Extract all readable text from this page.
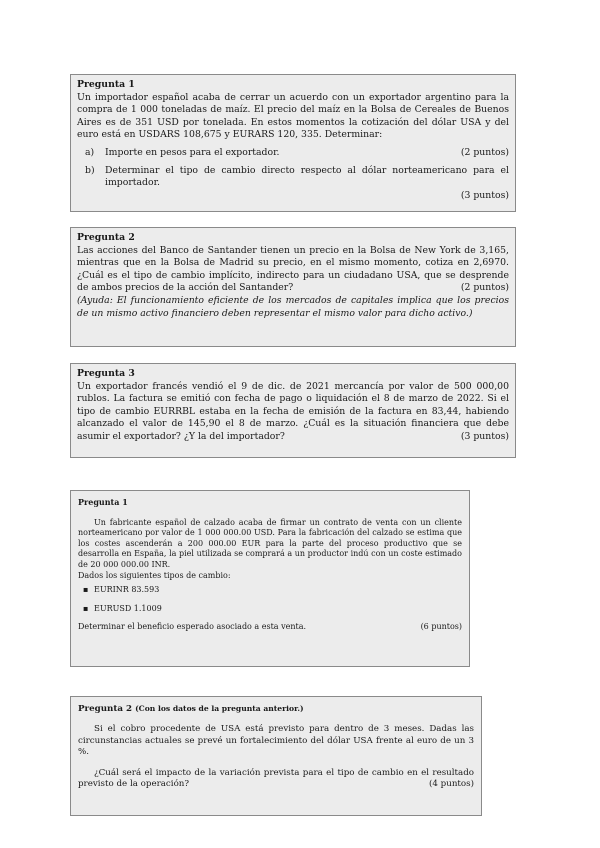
Pregunta 1

Un importador español acaba de cerrar un acuerdo con un exportador argentino para la compra de 1 000 toneladas de maíz. El precio del maíz en la Bolsa de Cereales de Buenos Aires es de 351 USD por tonelada. En estos momentos la cotización del dólar USA y del euro está en USDARS 108,675 y EURARS 120, 335. Determinar:

a)	Importe en pesos para el exportador.	(2 puntos)
b)	Determinar el tipo de cambio directo respecto al dólar norteamericano para el importador.
(3 puntos)
Pregunta 2

Las acciones del Banco de Santander tienen un precio en la Bolsa de New York de 3,165, mientras que en la Bolsa de Madrid su precio, en el mismo momento, cotiza en 2,6970. ¿Cuál es el tipo de cambio implícito, indirecto para un ciudadano USA, que se desprende de ambos precios de la acción del Santander?	(2 puntos)

(Ayuda: El funcionamiento eficiente de los mercados de capitales implica que los precios de un mismo activo financiero deben representar el mismo valor para dicho activo.)

Pregunta 3

Un exportador francés vendió el 9 de dic. de 2021 mercancía por valor de 500 000,00 rublos. La factura se emitió con fecha de pago o liquidación el 8 de marzo de 2022. Si el tipo de cambio EURRBL estaba en la fecha de emisión de la factura en 83,44, habiendo alcanzado el valor de 145,90 el 8 de marzo. ¿Cuál es la situación financiera que debe asumir el exportador? ¿Y la del importador?	(3 puntos)

Pregunta 1

Un fabricante español de calzado acaba de firmar un contrato de venta con un cliente norteamericano por valor de 1 000 000.00 USD. Para la fabricación del calzado se estima que los costes ascenderán a 200 000.00 EUR para la parte del proceso productivo que se desarrolla en España, la piel utilizada se comprará a un productor indú con un coste estimado de 20 000 000.00 INR.

Dados los siguientes tipos de cambio:

▪ EURINR 83.593
▪ EURUSD 1.1009
Determinar el beneficio esperado asociado a esta venta.	(6 puntos)
Pregunta 2 (Con los datos de la pregunta anterior.)

Si el cobro procedente de USA está previsto para dentro de 3 meses. Dadas las circunstancias actuales se prevé un fortalecimiento del dólar USA frente al euro de un 3 %.

¿Cuál será el impacto de la variación prevista para el tipo de cambio en el resultado previsto de la operación?	(4 puntos)
